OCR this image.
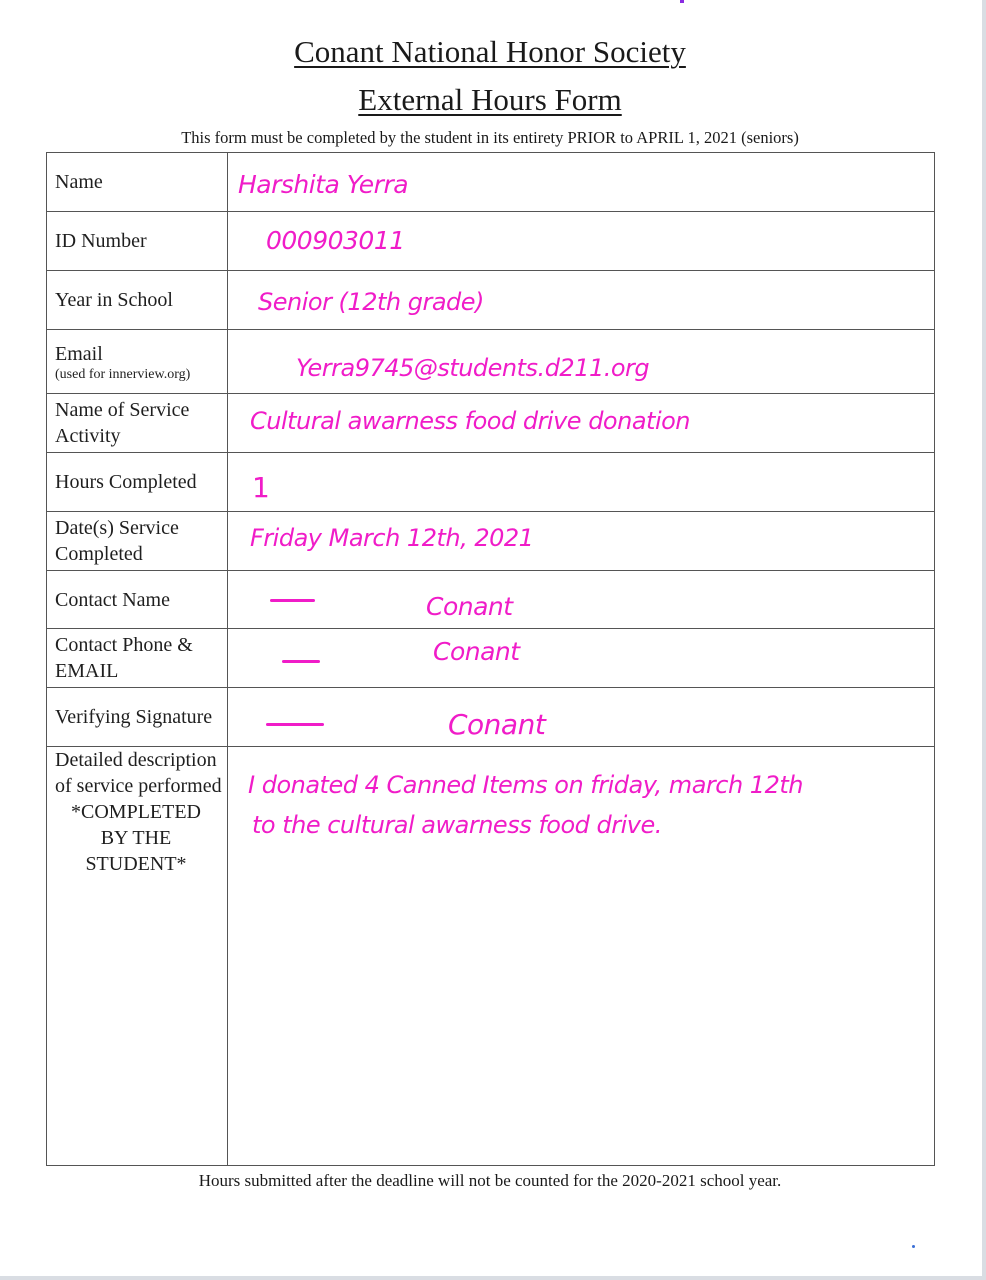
Conant National Honor Society
External Hours Form
This form must be completed by the student in its entirety PRIOR to APRIL 1, 2021 (seniors)
Name	Harshita Yerra

ID Number	000903011

Year in School	Senior (12th grade)

Email
(used for innerview.org)	Yerra9745@students.d211.org

Name of Service Activity	Cultural awarness food drive donation

Hours Completed	1

Date(s) Service Completed	Friday March 12th, 2021

Contact Name	Conant

Contact Phone & EMAIL	Conant

Verifying Signature	Conant

Detailed description of service performed
*COMPLETED BY THE STUDENT*	I donated 4 Canned Items on friday, march 12th
to the cultural awarness food drive.
Hours submitted after the deadline will not be counted for the 2020-2021 school year.
